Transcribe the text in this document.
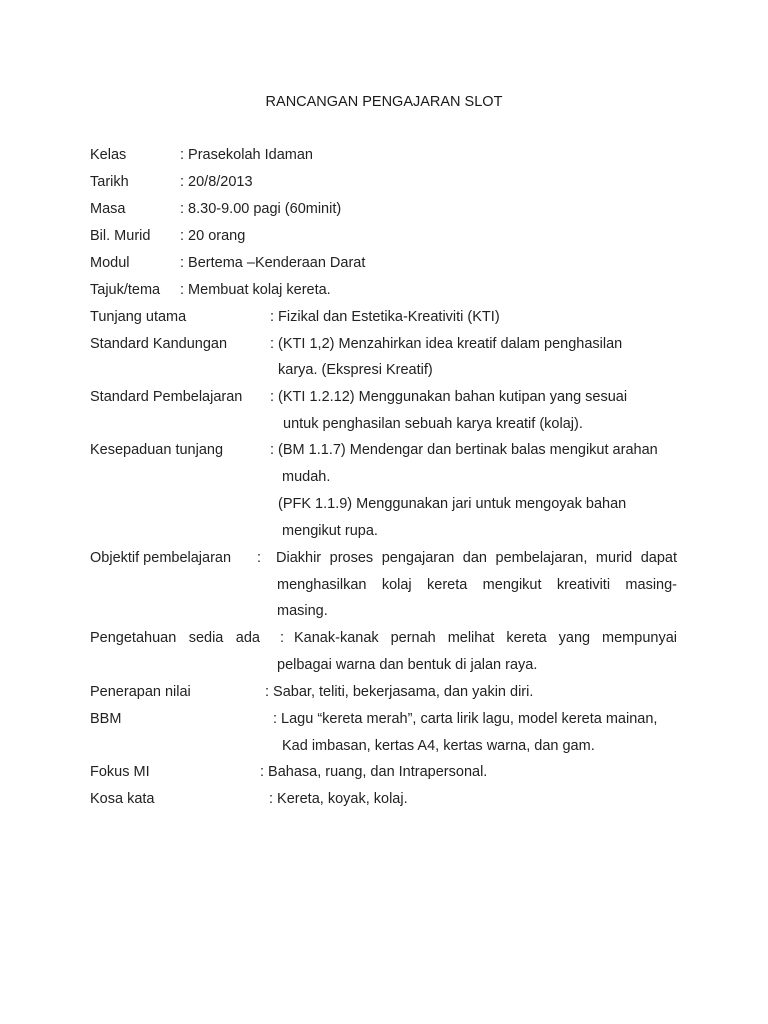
RANCANGAN PENGAJARAN SLOT
Kelas	: Prasekolah Idaman
Tarikh	: 20/8/2013
Masa	: 8.30-9.00 pagi (60minit)
Bil. Murid : 20 orang
Modul	: Bertema –Kenderaan Darat
Tajuk/tema : Membuat kolaj kereta.
Tunjang utama	: Fizikal dan Estetika-Kreativiti (KTI)
Standard Kandungan	: (KTI 1,2) Menzahirkan idea kreatif dalam penghasilan
karya. (Ekspresi Kreatif)
Standard Pembelajaran : (KTI 1.2.12) Menggunakan bahan kutipan yang sesuai
untuk penghasilan sebuah karya kreatif (kolaj).
Kesepaduan tunjang	: (BM 1.1.7) Mendengar dan bertinak balas mengikut arahan
mudah.
(PFK 1.1.9) Menggunakan jari untuk mengoyak bahan
mengikut rupa.
Objektif pembelajaran : Diakhir proses pengajaran dan pembelajaran, murid dapat
menghasilkan kolaj kereta mengikut kreativiti masing-
masing.
Pengetahuan sedia ada : Kanak-kanak pernah melihat kereta yang mempunyai
pelbagai warna dan bentuk di jalan raya.
Penerapan nilai	: Sabar, teliti, bekerjasama, dan yakin diri.
BBM	: Lagu “kereta merah”, carta lirik lagu, model kereta mainan,
Kad imbasan, kertas A4, kertas warna, dan gam.
Fokus MI	: Bahasa, ruang, dan Intrapersonal.
Kosa kata	: Kereta, koyak, kolaj.
